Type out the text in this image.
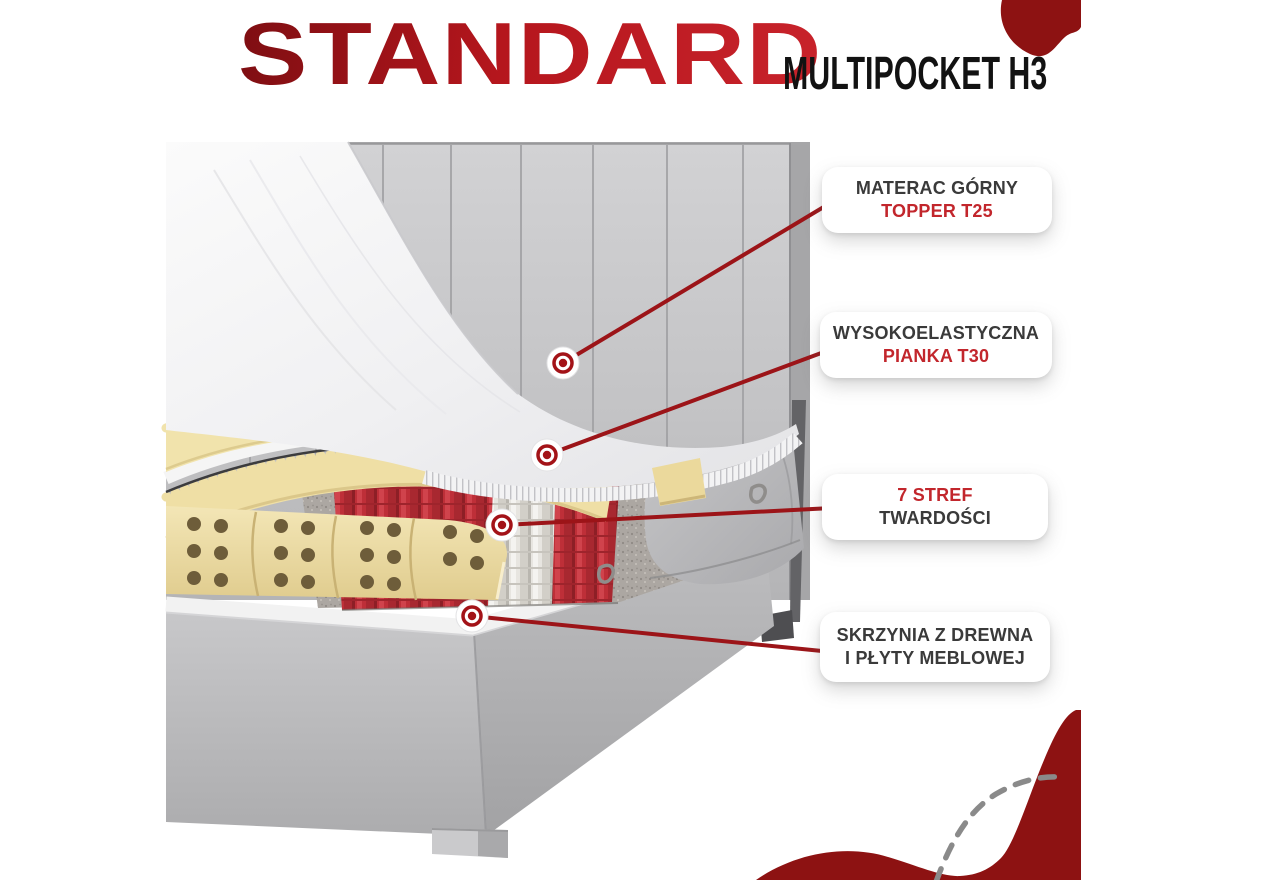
STANDARD
MULTIPOCKET H3
MATERAC GÓRNY
TOPPER T25
WYSOKOELASTYCZNA
PIANKA T30
7 STREF
TWARDOŚCI
SKRZYNIA Z DREWNA
I PŁYTY MEBLOWEJ
